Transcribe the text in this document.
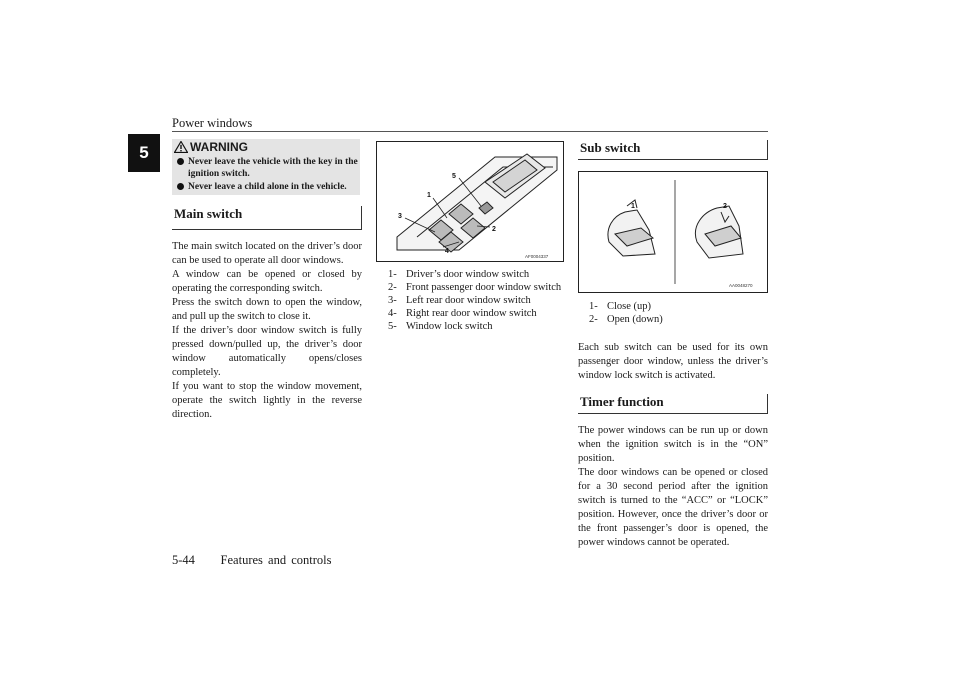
Power windows
5	WARNING
Never leave the vehicle with the key in the ignition switch.
Never leave a child alone in the vehicle.
Main switch

The main switch located on the driver’s door can be used to operate all door windows.

A window can be opened or closed by operating the corresponding switch.

Press the switch down to open the window, and pull up the switch to close it.

If the driver’s door window switch is fully pressed down/pulled up, the driver’s door window automatically opens/closes completely.

If you want to stop the window movement, operate the switch lightly in the reverse direction.

1
2
3
4
5
AF0004337
1- Driver’s door window switch
2- Front passenger door window switch
3- Left rear door window switch
4- Right rear door window switch
5- Window lock switch
Sub switch
1	2
AA0048270
1- Close (up)
2- Open (down)

Each sub switch can be used for its own passenger door window, unless the driver’s window lock switch is activated.

Timer function

The power windows can be run up or down when the ignition switch is in the “ON” position.

The door windows can be opened or closed for a 30 second period after the ignition switch is turned to the “ACC” or “LOCK” position. However, once the driver’s door or the front passenger’s door is opened, the power windows cannot be operated.

5-44 Features and controls
